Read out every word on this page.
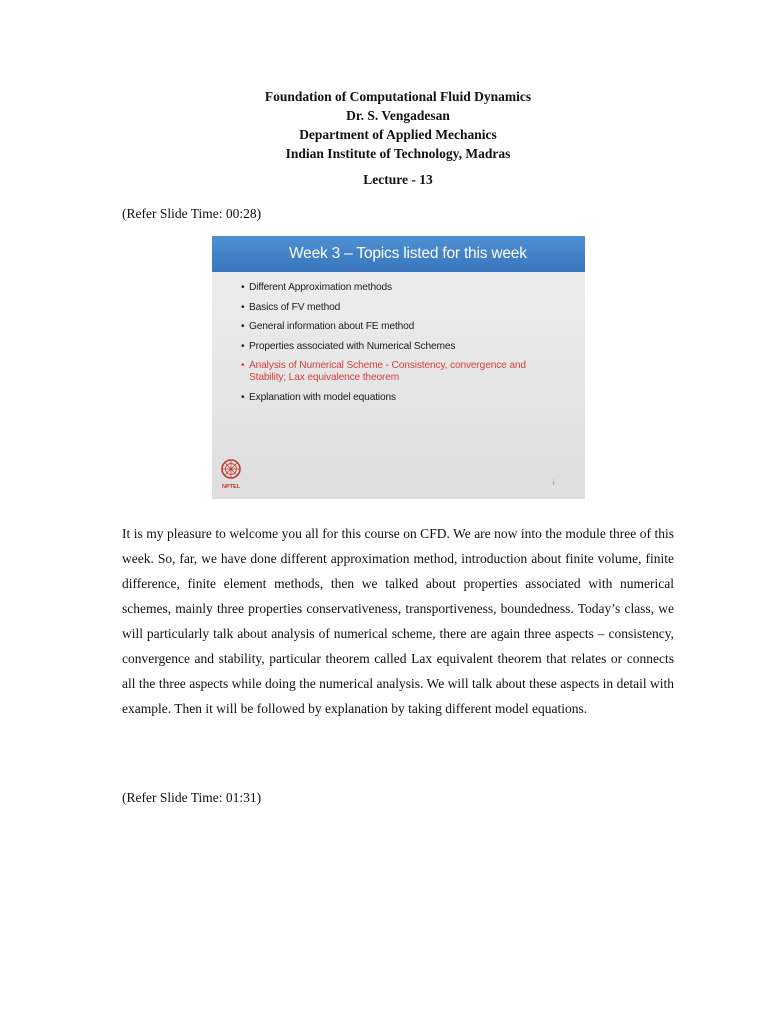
Foundation of Computational Fluid Dynamics
Dr. S. Vengadesan
Department of Applied Mechanics
Indian Institute of Technology, Madras
Lecture - 13
(Refer Slide Time: 00:28)
Week 3 – Topics listed for this week
• Different Approximation methods
• Basics of FV method
• General information about FE method
• Properties associated with Numerical Schemes
• Analysis of Numerical Scheme - Consistency, convergence and
Stability; Lax equivalence theorem
• Explanation with model equations
NPTEL	i

It is my pleasure to welcome you all for this course on CFD. We are now into the module three of this week. So, far, we have done different approximation method, introduction about finite volume, finite difference, finite element methods, then we talked about properties associated with numerical schemes, mainly three properties conservativeness, transportiveness, boundedness. Today’s class, we will particularly talk about analysis of numerical scheme, there are again three aspects – consistency, convergence and stability, particular theorem called Lax equivalent theorem that relates or connects all the three aspects while doing the numerical analysis. We will talk about these aspects in detail with example. Then it will be followed by explanation by taking different model equations.

(Refer Slide Time: 01:31)
